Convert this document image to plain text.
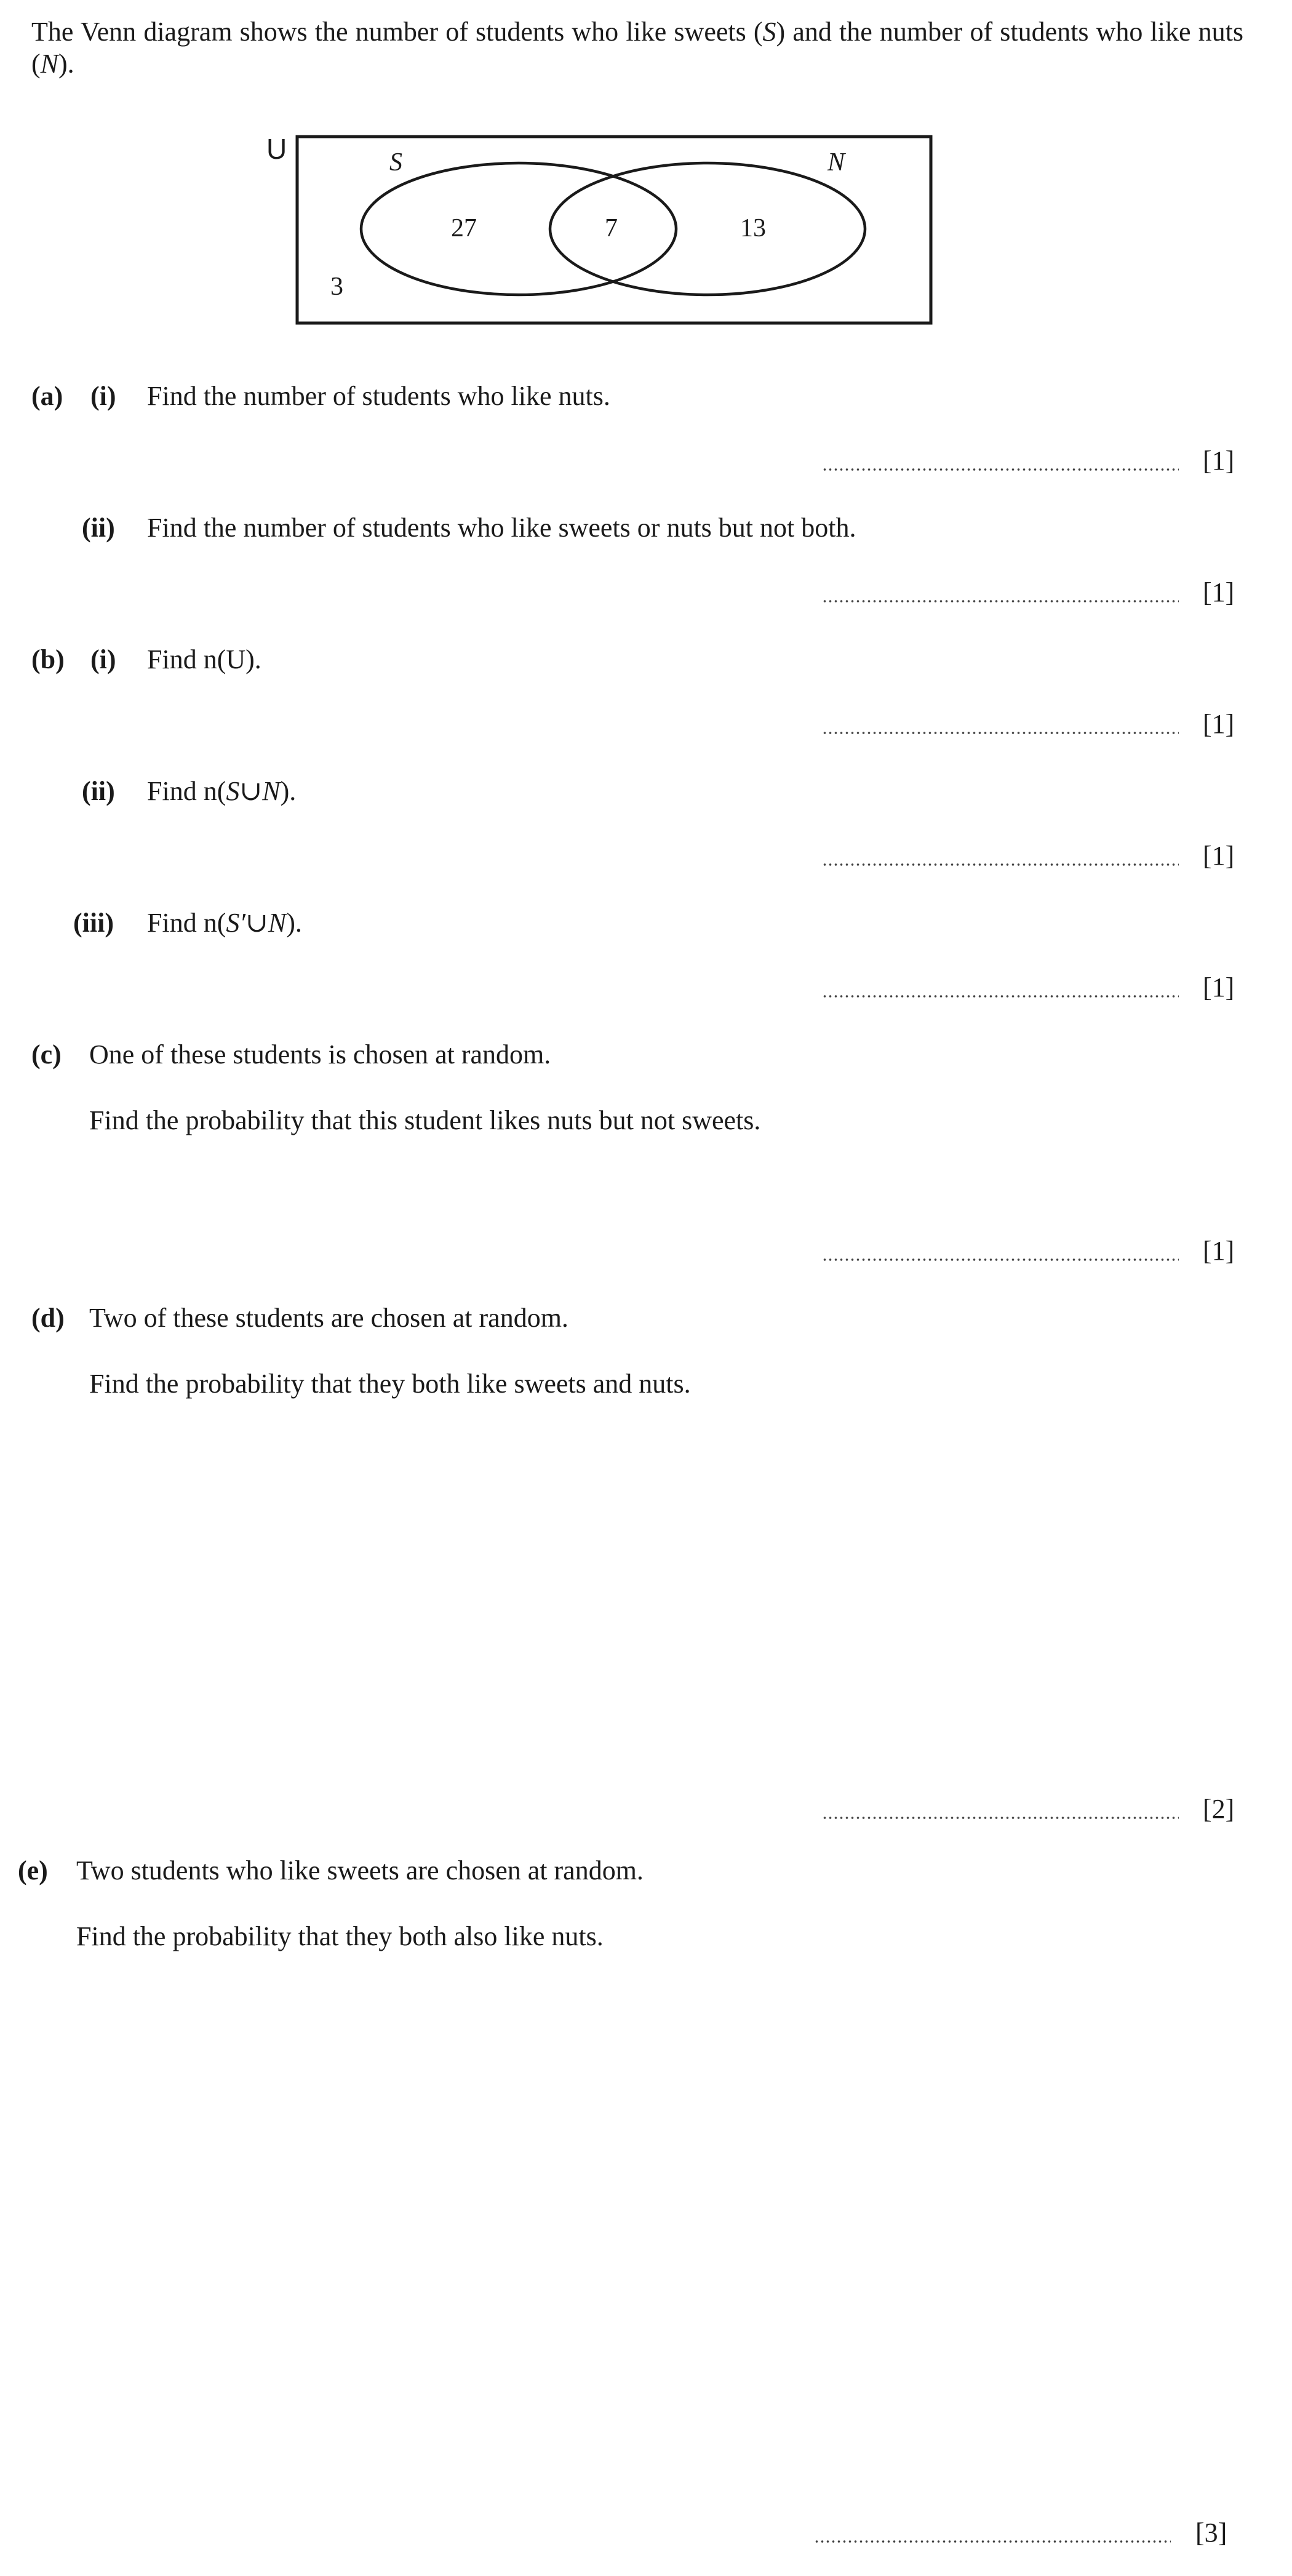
The Venn diagram shows the number of students who like sweets (S) and the number of students who like nuts (N).
U	S	N
27	7	13
3
(a) (i) Find the number of students who like nuts.
[1]
(ii) Find the number of students who like sweets or nuts but not both.
[1]
(b) (i) Find n(U).
[1]
(ii) Find n(S∪N).
[1]
(iii) Find n(S′∪N).
[1]
(c) One of these students is chosen at random.
Find the probability that this student likes nuts but not sweets.
[1]
(d) Two of these students are chosen at random.
Find the probability that they both like sweets and nuts.
[2]
(e) Two students who like sweets are chosen at random.
Find the probability that they both also like nuts.
[3]
